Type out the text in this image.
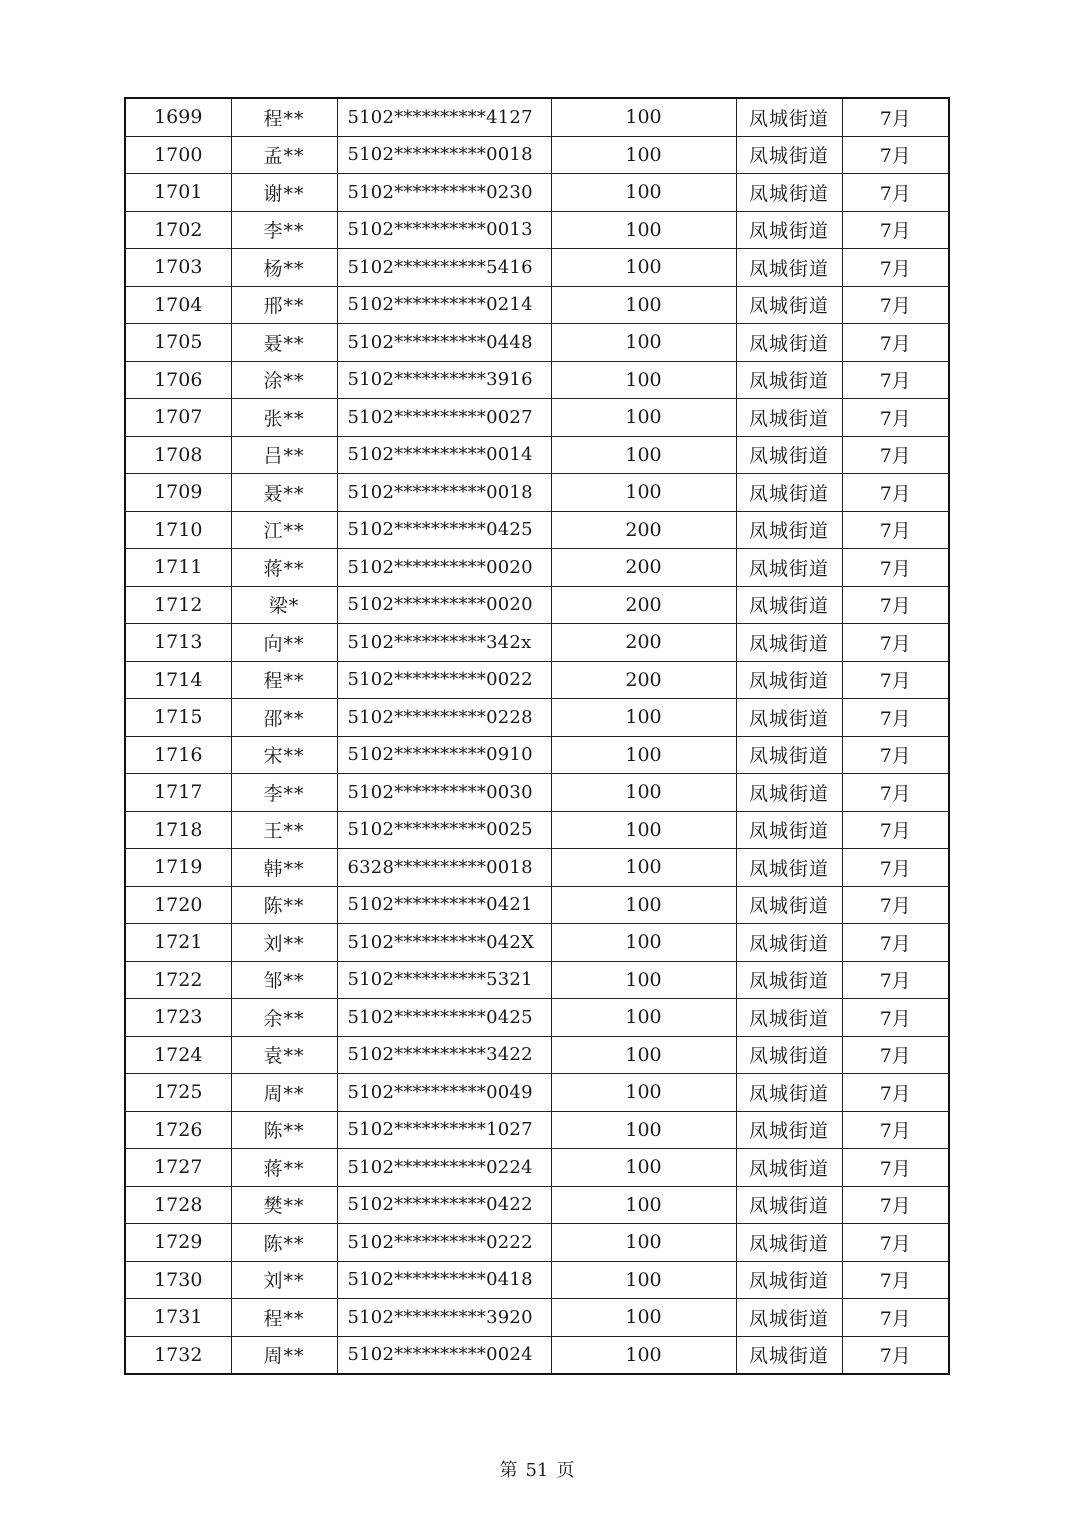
1699	程**	5102**********4127	100	凤城街道	7月
1700	孟**	5102**********0018	100	凤城街道	7月
1701	谢**	5102**********0230	100	凤城街道	7月
1702	李**	5102**********0013	100	凤城街道	7月
1703	杨**	5102**********5416	100	凤城街道	7月
1704	邢**	5102**********0214	100	凤城街道	7月
1705	聂**	5102**********0448	100	凤城街道	7月
1706	涂**	5102**********3916	100	凤城街道	7月
1707	张**	5102**********0027	100	凤城街道	7月
1708	吕**	5102**********0014	100	凤城街道	7月
1709	聂**	5102**********0018	100	凤城街道	7月
1710	江**	5102**********0425	200	凤城街道	7月
1711	蒋**	5102**********0020	200	凤城街道	7月
1712	梁*	5102**********0020	200	凤城街道	7月
1713	向**	5102**********342x	200	凤城街道	7月
1714	程**	5102**********0022	200	凤城街道	7月
1715	邵**	5102**********0228	100	凤城街道	7月
1716	宋**	5102**********0910	100	凤城街道	7月
1717	李**	5102**********0030	100	凤城街道	7月
1718	王**	5102**********0025	100	凤城街道	7月
1719	韩**	6328**********0018	100	凤城街道	7月
1720	陈**	5102**********0421	100	凤城街道	7月
1721	刘**	5102**********042X	100	凤城街道	7月
1722	邹**	5102**********5321	100	凤城街道	7月
1723	余**	5102**********0425	100	凤城街道	7月
1724	袁**	5102**********3422	100	凤城街道	7月
1725	周**	5102**********0049	100	凤城街道	7月
1726	陈**	5102**********1027	100	凤城街道	7月
1727	蒋**	5102**********0224	100	凤城街道	7月
1728	樊**	5102**********0422	100	凤城街道	7月
1729	陈**	5102**********0222	100	凤城街道	7月
1730	刘**	5102**********0418	100	凤城街道	7月
1731	程**	5102**********3920	100	凤城街道	7月
1732	周**	5102**********0024	100	凤城街道	7月
第 51 页
